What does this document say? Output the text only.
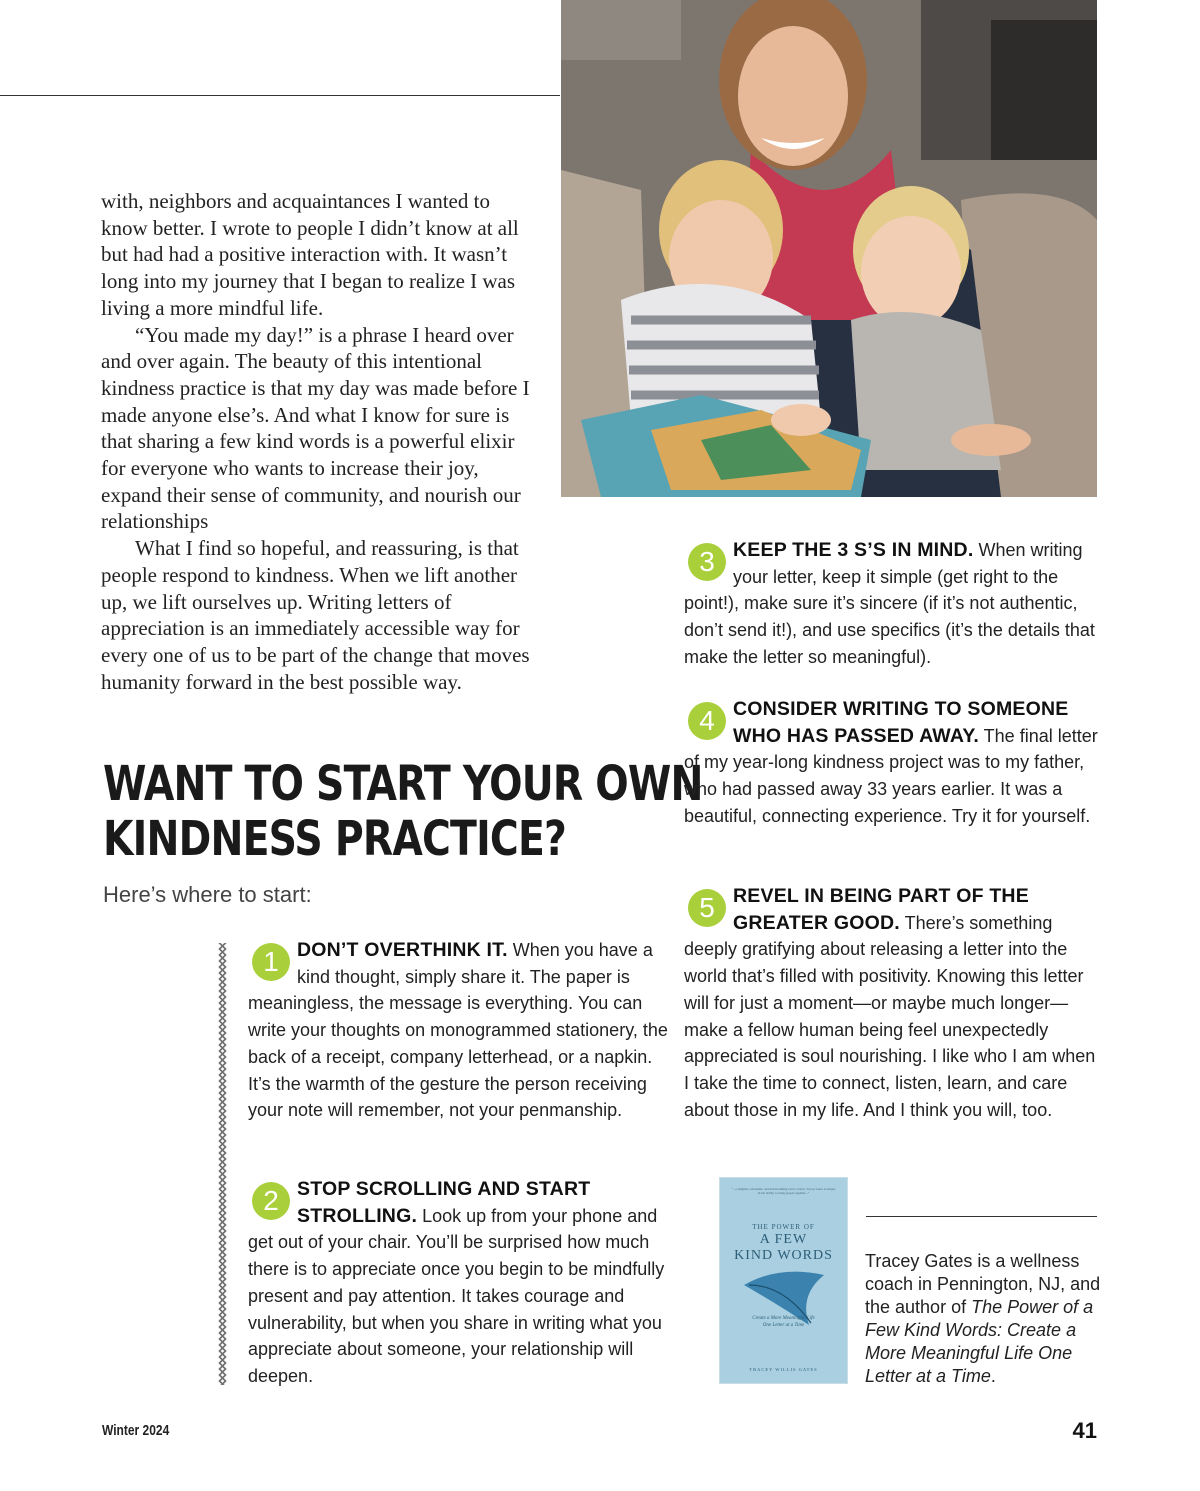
with, neighbors and acquaintances I wanted to know better. I wrote to people I didn’t know at all but had had a positive interaction with. It wasn’t long into my journey that I began to realize I was living a more mindful life.

“You made my day!” is a phrase I heard over and over again. The beauty of this intentional kindness practice is that my day was made before I made anyone else’s. And what I know for sure is that sharing a few kind words is a powerful elixir for everyone who wants to increase their joy, expand their sense of community, and nourish our relationships

What I find so hopeful, and reassuring, is that people respond to kindness. When we lift another up, we lift ourselves up. Writing letters of appreciation is an immediately accessible way for every one of us to be part of the change that moves humanity forward in the best possible way.

WANT TO START YOUR OWN
KINDNESS PRACTICE?
Here’s where to start:
1 DON’T OVERTHINK IT. When you have a kind thought, simply share it. The paper is meaningless, the message is everything. You can write your thoughts on monogrammed stationery, the back of a receipt, company letterhead, or a napkin. It’s the warmth of the gesture the person receiving your note will remember, not your penmanship.
2 STOP SCROLLING AND START STROLLING. Look up from your phone and get out of your chair. You’ll be surprised how much there is to appreciate once you begin to be mindfully present and pay attention. It takes courage and vulnerability, but when you share in writing what you appreciate about someone, your relationship will deepen.
3 KEEP THE 3 S’S IN MIND. When writing your letter, keep it simple (get right to the point!), make sure it’s sincere (if it’s not authentic, don’t send it!), and use specifics (it’s the details that make the letter so meaningful).
4 CONSIDER WRITING TO SOMEONE WHO HAS PASSED AWAY. The final letter of my year-long kindness project was to my father, who had passed away 33 years earlier. It was a beautiful, connecting experience. Try it for yourself.
5 REVEL IN BEING PART OF THE GREATER GOOD. There’s something deeply gratifying about releasing a letter into the world that’s filled with positivity. Knowing this letter will for just a moment—or maybe much longer—make a fellow human being feel unexpectedly appreciated is soul nourishing. I like who I am when I take the time to connect, listen, learn, and care about those in my life. And I think you will, too.
“...a tangible, actionable, and heartwarming call to action. Tracey Gates is unique in her ability to bring people together...”
THE POWER OF
A FEW
KIND WORDS
Create a More Meaningful Life One Letter at a Time
TRACEY WILLIS GATES
Tracey Gates is a wellness coach in Pennington, NJ, and the author of The Power of a Few Kind Words: Create a More Meaningful Life One Letter at a Time.
Winter 2024	41
